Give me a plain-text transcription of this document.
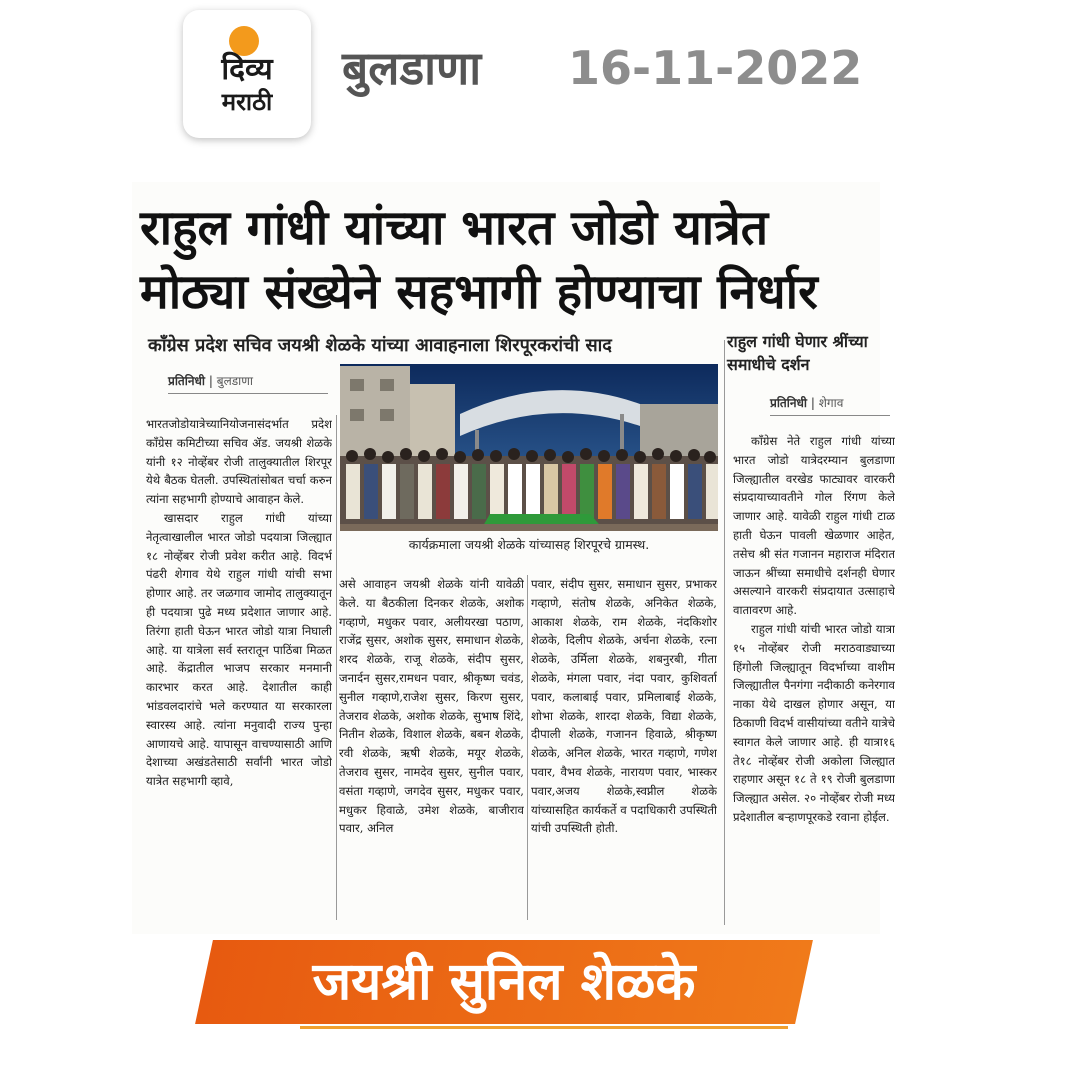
दिव्य
मराठी
बुलडाणा 16-11-2022
राहुल गांधी यांच्या भारत जोडो यात्रेत मोठ्या संख्येने सहभागी होण्याचा निर्धार
काँग्रेस प्रदेश सचिव जयश्री शेळके यांच्या आवाहनाला शिरपूरकरांची साद	राहुल गांधी घेणार श्रींच्या समाधीचे दर्शन
प्रतिनिधी | बुलडाणा
प्रतिनिधी | शेगाव
कार्यक्रमाला जयश्री शेळके यांच्यासह शिरपूरचे ग्रामस्थ.

भारतजोडोयात्रेच्यानियोजनासंदर्भात प्रदेश कॉंग्रेस कमिटीच्या सचिव ॲड. जयश्री शेळके यांनी १२ नोव्हेंबर रोजी तालुक्यातील शिरपूर येथे बैठक घेतली. उपस्थितांसोबत चर्चा करुन त्यांना सहभागी होण्याचे आवाहन केले.

खासदार राहुल गांधी यांच्या नेतृत्वाखालील भारत जोडो पदयात्रा जिल्ह्यात १८ नोव्हेंबर रोजी प्रवेश करीत आहे. विदर्भ पंढरी शेगाव येथे राहुल गांधी यांची सभा होणार आहे. तर जळगाव जामोद तालुक्यातून ही पदयात्रा पुढे मध्य प्रदेशात जाणार आहे. तिरंगा हाती घेऊन भारत जोडो यात्रा निघाली आहे. या यात्रेला सर्व स्तरातून पाठिंबा मिळत आहे. केंद्रातील भाजप सरकार मनमानी कारभार करत आहे. देशातील काही भांडवलदारांचे भले करण्यात या सरकारला स्वारस्य आहे. त्यांना मनुवादी राज्य पुन्हा आणायचे आहे. यापासून वाचण्यासाठी आणि देशाच्या अखंडतेसाठी सर्वांनी भारत जोडो यात्रेत सहभागी व्हावे,

असे आवाहन जयश्री शेळके यांनी यावेळी केले. या बैठकीला दिनकर शेळके, अशोक गव्हाणे, मधुकर पवार, अलीयरखा पठाण, राजेंद्र सुसर, अशोक सुसर, समाधान शेळके, शरद शेळके, राजू शेळके, संदीप सुसर, जनार्दन सुसर,रामधन पवार, श्रीकृष्ण चवंड, सुनील गव्हाणे,राजेश सुसर, किरण सुसर, तेजराव शेळके, अशोक शेळके, सुभाष शिंदे, नितीन शेळके, विशाल शेळके, बबन शेळके, रवी शेळके, ऋषी शेळके, मयूर शेळके, तेजराव सुसर, नामदेव सुसर, सुनील पवार, वसंता गव्हाणे, जगदेव सुसर, मधुकर पवार, मधुकर हिवाळे, उमेश शेळके, बाजीराव पवार, अनिल

पवार, संदीप सुसर, समाधान सुसर, प्रभाकर गव्हाणे, संतोष शेळके, अनिकेत शेळके, आकाश शेळके, राम शेळके, नंदकिशोर शेळके, दिलीप शेळके, अर्चना शेळके, रत्ना शेळके, उर्मिला शेळके, शबनुरबी, गीता शेळके, मंगला पवार, नंदा पवार, कुशिवर्ता पवार, कलाबाई पवार, प्रमिलाबाई शेळके, शोभा शेळके, शारदा शेळके, विद्या शेळके, दीपाली शेळके, गजानन हिवाळे, श्रीकृष्ण शेळके, अनिल शेळके, भारत गव्हाणे, गणेश पवार, वैभव शेळके, नारायण पवार, भास्कर पवार,अजय शेळके,स्वप्नील शेळके यांच्यासहित कार्यकर्ते व पदाधिकारी उपस्थिती यांची उपस्थिती होती.

काँग्रेस नेते राहुल गांधी यांच्या भारत जोडो यात्रेदरम्यान बुलडाणा जिल्ह्यातील वरखेड फाट्यावर वारकरी संप्रदायाच्यावतीने गोल रिंगण केले जाणार आहे. यावेळी राहुल गांधी टाळ हाती घेऊन पावली खेळणार आहेत, तसेच श्री संत गजानन महाराज मंदिरात जाऊन श्रींच्या समाधीचे दर्शनही घेणार असल्याने वारकरी संप्रदायात उत्साहाचे वातावरण आहे.

राहुल गांधी यांची भारत जोडो यात्रा १५ नोव्हेंबर रोजी मराठवाड्याच्या हिंगोली जिल्ह्यातून विदर्भाच्या वाशीम जिल्ह्यातील पैनगंगा नदीकाठी कनेरगाव नाका येथे दाखल होणार असून, या ठिकाणी विदर्भ वासीयांच्या वतीने यात्रेचे स्वागत केले जाणार आहे. ही यात्रा१६ ते१८ नोव्हेंबर रोजी अकोला जिल्ह्यात राहणार असून १८ ते १९ रोजी बुलडाणा जिल्ह्यात असेल. २० नोव्हेंबर रोजी मध्य प्रदेशातील बऱ्हाणपूरकडे रवाना होईल.

जयश्री सुनिल शेळके
